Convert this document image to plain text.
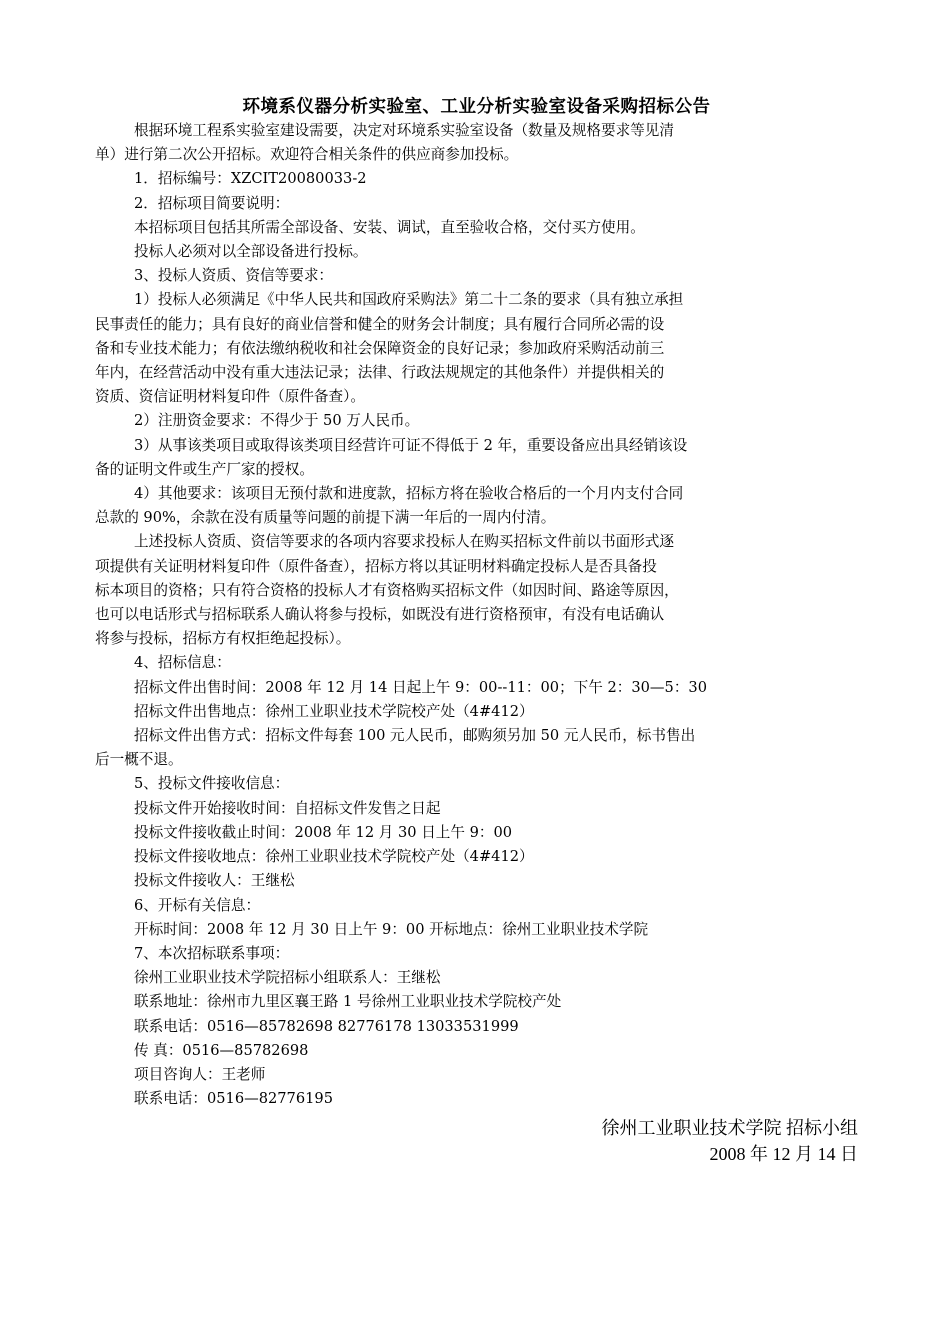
环境系仪器分析实验室、工业分析实验室设备采购招标公告

根据环境工程系实验室建设需要，决定对环境系实验室设备（数量及规格要求等见清

单）进行第二次公开招标。欢迎符合相关条件的供应商参加投标。

1．招标编号：XZCIT20080033-2

2．招标项目简要说明：

本招标项目包括其所需全部设备、安装、调试，直至验收合格，交付买方使用。

投标人必须对以全部设备进行投标。

3、投标人资质、资信等要求：

1）投标人必须满足《中华人民共和国政府采购法》第二十二条的要求（具有独立承担

民事责任的能力；具有良好的商业信誉和健全的财务会计制度；具有履行合同所必需的设

备和专业技术能力；有依法缴纳税收和社会保障资金的良好记录；参加政府采购活动前三

年内，在经营活动中没有重大违法记录；法律、行政法规规定的其他条件）并提供相关的

资质、资信证明材料复印件（原件备查）。

2）注册资金要求：不得少于 50 万人民币。

3）从事该类项目或取得该类项目经营许可证不得低于 2 年，重要设备应出具经销该设

备的证明文件或生产厂家的授权。

4）其他要求：该项目无预付款和进度款，招标方将在验收合格后的一个月内支付合同

总款的 90%，余款在没有质量等问题的前提下满一年后的一周内付清。

上述投标人资质、资信等要求的各项内容要求投标人在购买招标文件前以书面形式逐

项提供有关证明材料复印件（原件备查），招标方将以其证明材料确定投标人是否具备投

标本项目的资格；只有符合资格的投标人才有资格购买招标文件（如因时间、路途等原因，

也可以电话形式与招标联系人确认将参与投标，如既没有进行资格预审，有没有电话确认

将参与投标，招标方有权拒绝起投标）。

4、招标信息：

招标文件出售时间：2008 年 12 月 14 日起上午 9：00--11：00；下午 2：30—5：30

招标文件出售地点：徐州工业职业技术学院校产处（4#412）

招标文件出售方式：招标文件每套 100 元人民币，邮购须另加 50 元人民币，标书售出

后一概不退。

5、投标文件接收信息：

投标文件开始接收时间：自招标文件发售之日起

投标文件接收截止时间：2008 年 12 月 30 日上午 9：00

投标文件接收地点：徐州工业职业技术学院校产处（4#412）

投标文件接收人：王继松

6、开标有关信息：

开标时间：2008 年 12 月 30 日上午 9：00 开标地点：徐州工业职业技术学院

7、本次招标联系事项：

徐州工业职业技术学院招标小组联系人：王继松

联系地址：徐州市九里区襄王路 1 号徐州工业职业技术学院校产处

联系电话：0516—85782698 82776178 13033531999

传 真：0516—85782698

项目咨询人：王老师

联系电话：0516—82776195

徐州工业职业技术学院 招标小组
2008 年 12 月 14 日
